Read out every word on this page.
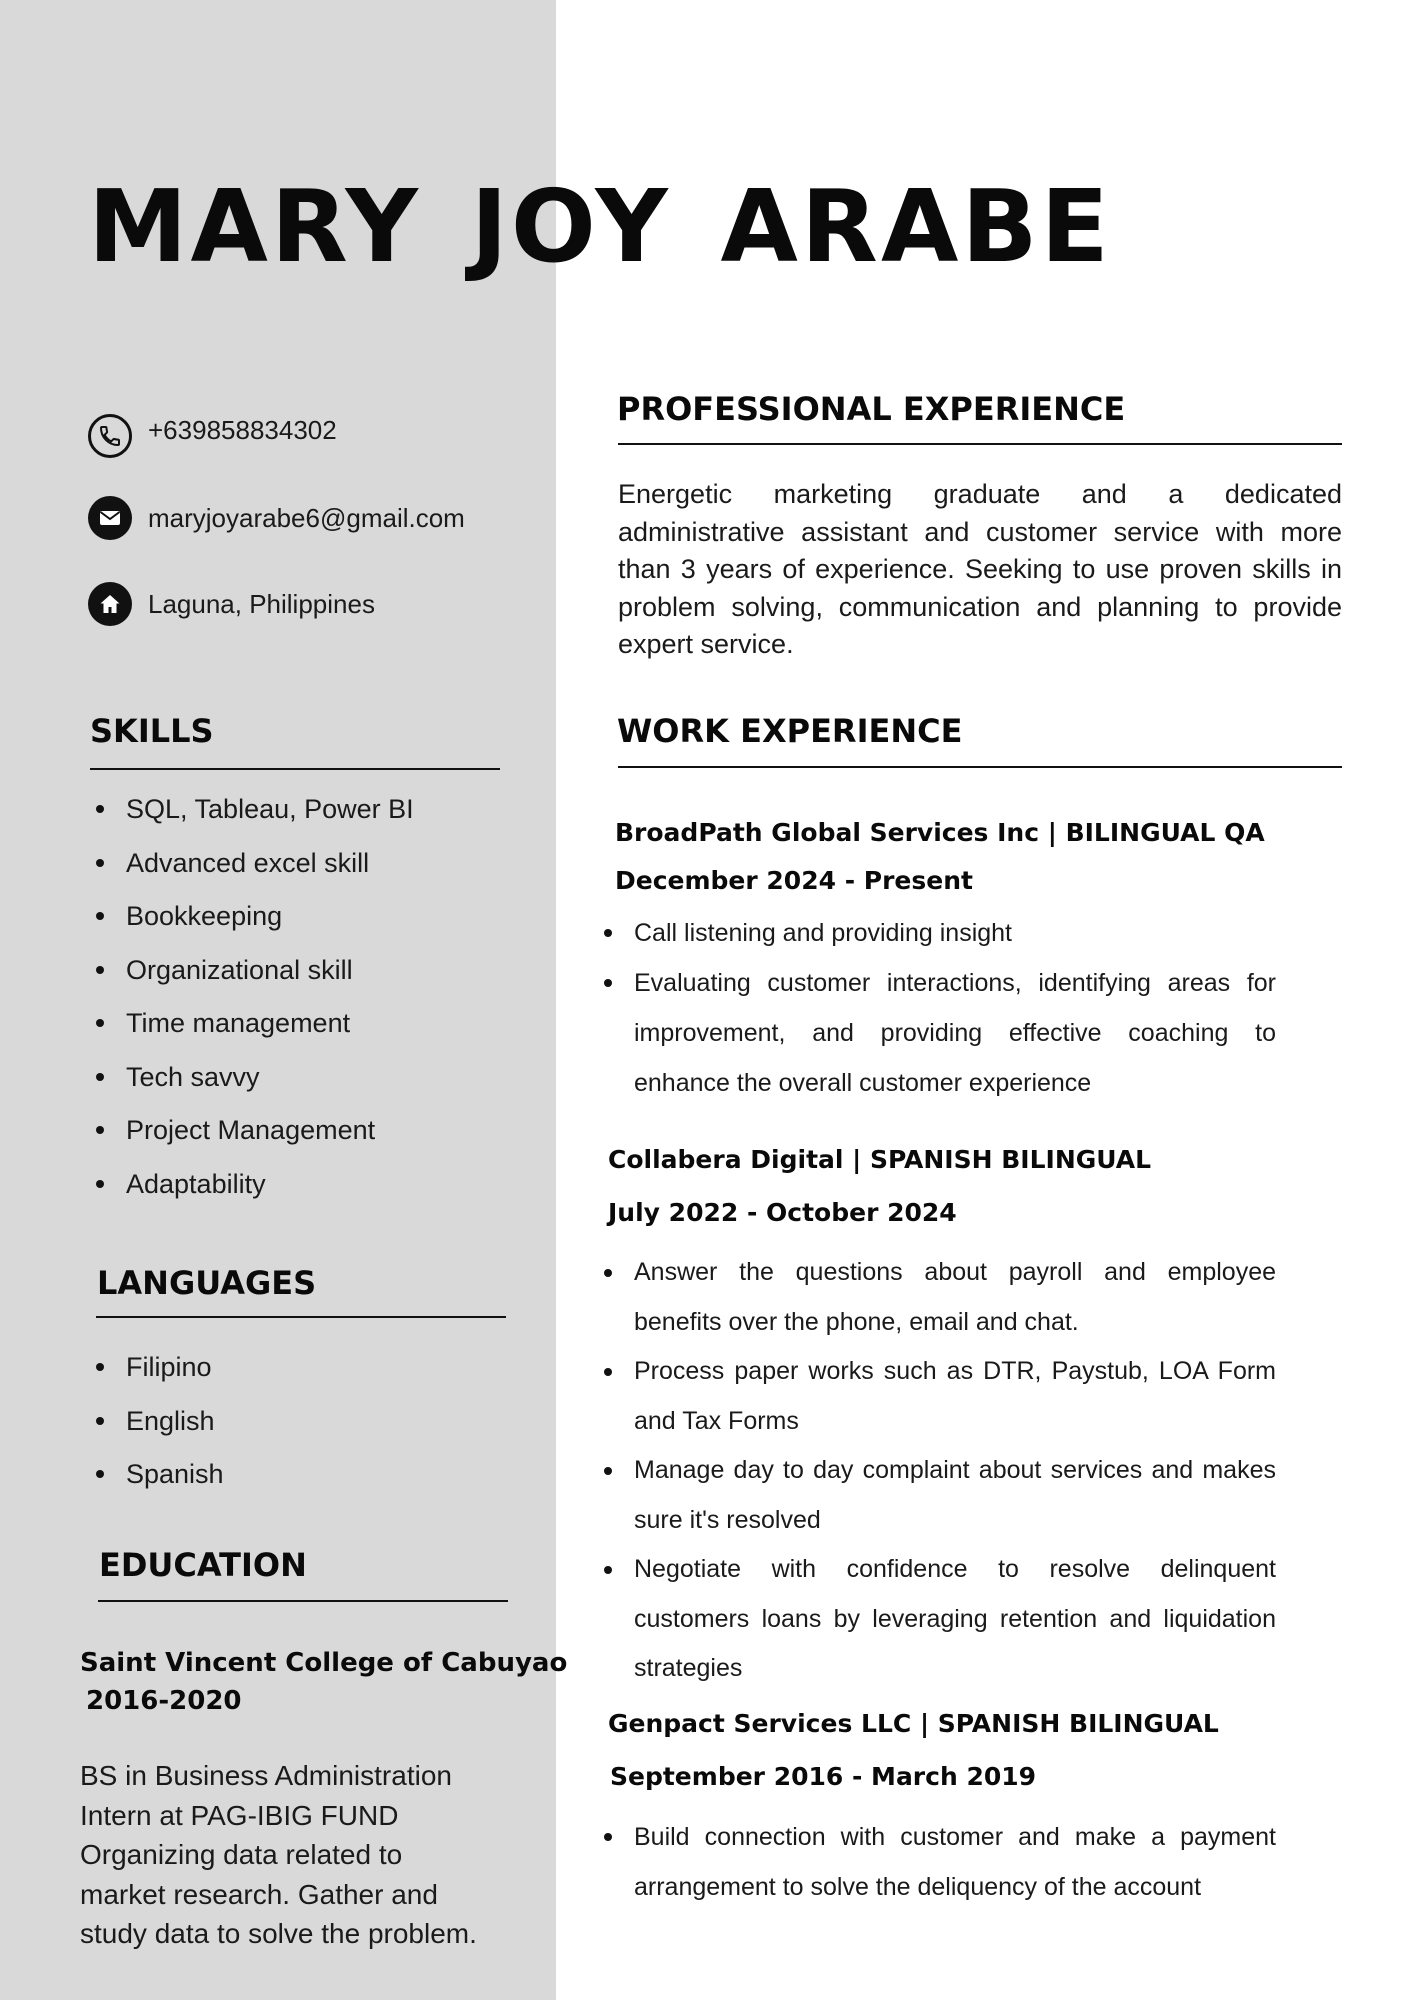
MARY JOY ARABE
+639858834302
maryjoyarabe6@gmail.com
Laguna, Philippines
SKILLS
SQL, Tableau, Power BI
Advanced excel skill
Bookkeeping
Organizational skill
Time management
Tech savvy
Project Management
Adaptability
LANGUAGES
Filipino
English
Spanish
EDUCATION
Saint Vincent College of Cabuyao
2016-2020
BS in Business Administration
Intern at PAG-IBIG FUND
Organizing data related to
market research. Gather and
study data to solve the problem.
PROFESSIONAL EXPERIENCE
Energetic marketing graduate and a dedicated administrative assistant and customer service with more than 3 years of experience. Seeking to use proven skills in problem solving, communication and planning to provide expert service.
WORK EXPERIENCE
BroadPath Global Services Inc | BILINGUAL QA
December 2024 - Present
Call listening and providing insight
Evaluating customer interactions, identifying areas for improvement, and providing effective coaching to enhance the overall customer experience
Collabera Digital | SPANISH BILINGUAL
July 2022 - October 2024
Answer the questions about payroll and employee benefits over the phone, email and chat.
Process paper works such as DTR, Paystub, LOA Form and Tax Forms
Manage day to day complaint about services and makes sure it's resolved
Negotiate with confidence to resolve delinquent customers loans by leveraging retention and liquidation strategies
Genpact Services LLC | SPANISH BILINGUAL
September 2016 - March 2019
Build connection with customer and make a payment arrangement to solve the deliquency of the account
